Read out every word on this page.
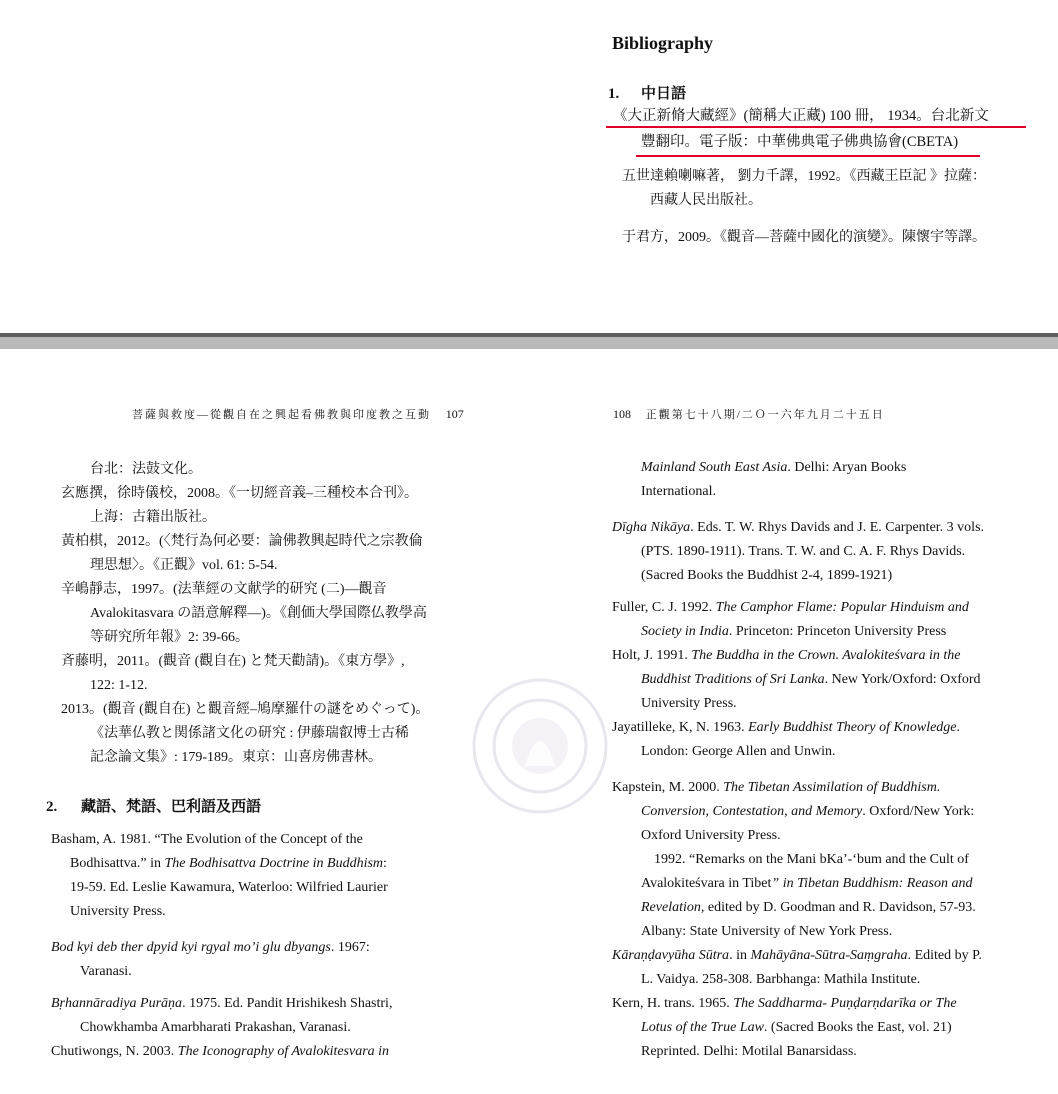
Bibliography
1. 中日語
《大正新脩大藏經》(簡稱大正藏) 100 冊， 1934。台北新文
豐翻印。電子版：中華佛典電子佛典協會(CBETA)
五世達賴喇嘛著， 劉力千譯，1992。《西藏王臣記 》拉薩：
西藏人民出版社。
于君方，2009。《觀音—菩薩中國化的演變》。陳懷宇等譯。
菩薩與救度—從觀自在之興起看佛教與印度教之互動 107
台北：法鼓文化。
玄應撰，徐時儀校，2008。《一切經音義–三種校本合刊》。
上海：古籍出版社。
黃柏棋，2012。(〈梵行為何必要：論佛教興起時代之宗教倫
理思想〉。《正觀》vol. 61: 5-54.
辛嶋靜志，1997。(法華經の文献学的研究 (二)—觀音
Avalokitasvara の語意解釋—)。《創価大學国際仏教學高
等研究所年報》2: 39-66。
斉藤明，2011。(觀音 (觀自在) と梵天勸請)。《東方學》,
122: 1-12.
2013。(觀音 (觀自在) と觀音經–鳩摩羅什の謎をめぐって)。
《法華仏教と関係諸文化の研究 : 伊藤瑞叡博士古稀
記念論文集》: 179-189。東京：山喜房佛書林。
2. 藏語、梵語、巴利語及西語
Basham, A. 1981. “The Evolution of the Concept of the
Bodhisattva.” in The Bodhisattva Doctrine in Buddhism:
19-59. Ed. Leslie Kawamura, Waterloo: Wilfried Laurier
University Press.
Bod kyi deb ther dpyid kyi rgyal mo’i glu dbyangs. 1967:
Varanasi.
Bṛhannāradiya Purāṇa. 1975. Ed. Pandit Hrishikesh Shastri,
Chowkhamba Amarbharati Prakashan, Varanasi.
Chutiwongs, N. 2003. The Iconography of Avalokitesvara in
108 正觀第七十八期/二Ｏ一六年九月二十五日
Mainland South East Asia. Delhi: Aryan Books
International.
Dīgha Nikāya. Eds. T. W. Rhys Davids and J. E. Carpenter. 3 vols.
(PTS. 1890-1911). Trans. T. W. and C. A. F. Rhys Davids.
(Sacred Books the Buddhist 2-4, 1899-1921)
Fuller, C. J. 1992. The Camphor Flame: Popular Hinduism and
Society in India. Princeton: Princeton University Press
Holt, J. 1991. The Buddha in the Crown. Avalokiteśvara in the
Buddhist Traditions of Sri Lanka. New York/Oxford: Oxford
University Press.
Jayatilleke, K, N. 1963. Early Buddhist Theory of Knowledge.
London: George Allen and Unwin.
Kapstein, M. 2000. The Tibetan Assimilation of Buddhism.
Conversion, Contestation, and Memory. Oxford/New York:
Oxford University Press.
1992. “Remarks on the Mani bKa’-‘bum and the Cult of
Avalokiteśvara in Tibet” in Tibetan Buddhism: Reason and
Revelation, edited by D. Goodman and R. Davidson, 57-93.
Albany: State University of New York Press.
Kāraṇḍavyūha Sūtra. in Mahāyāna-Sūtra-Saṃgraha. Edited by P.
L. Vaidya. 258-308. Barbhanga: Mathila Institute.
Kern, H. trans. 1965. The Saddharma- Puṇḍarṇdarīka or The
Lotus of the True Law. (Sacred Books the East, vol. 21)
Reprinted. Delhi: Motilal Banarsidass.
